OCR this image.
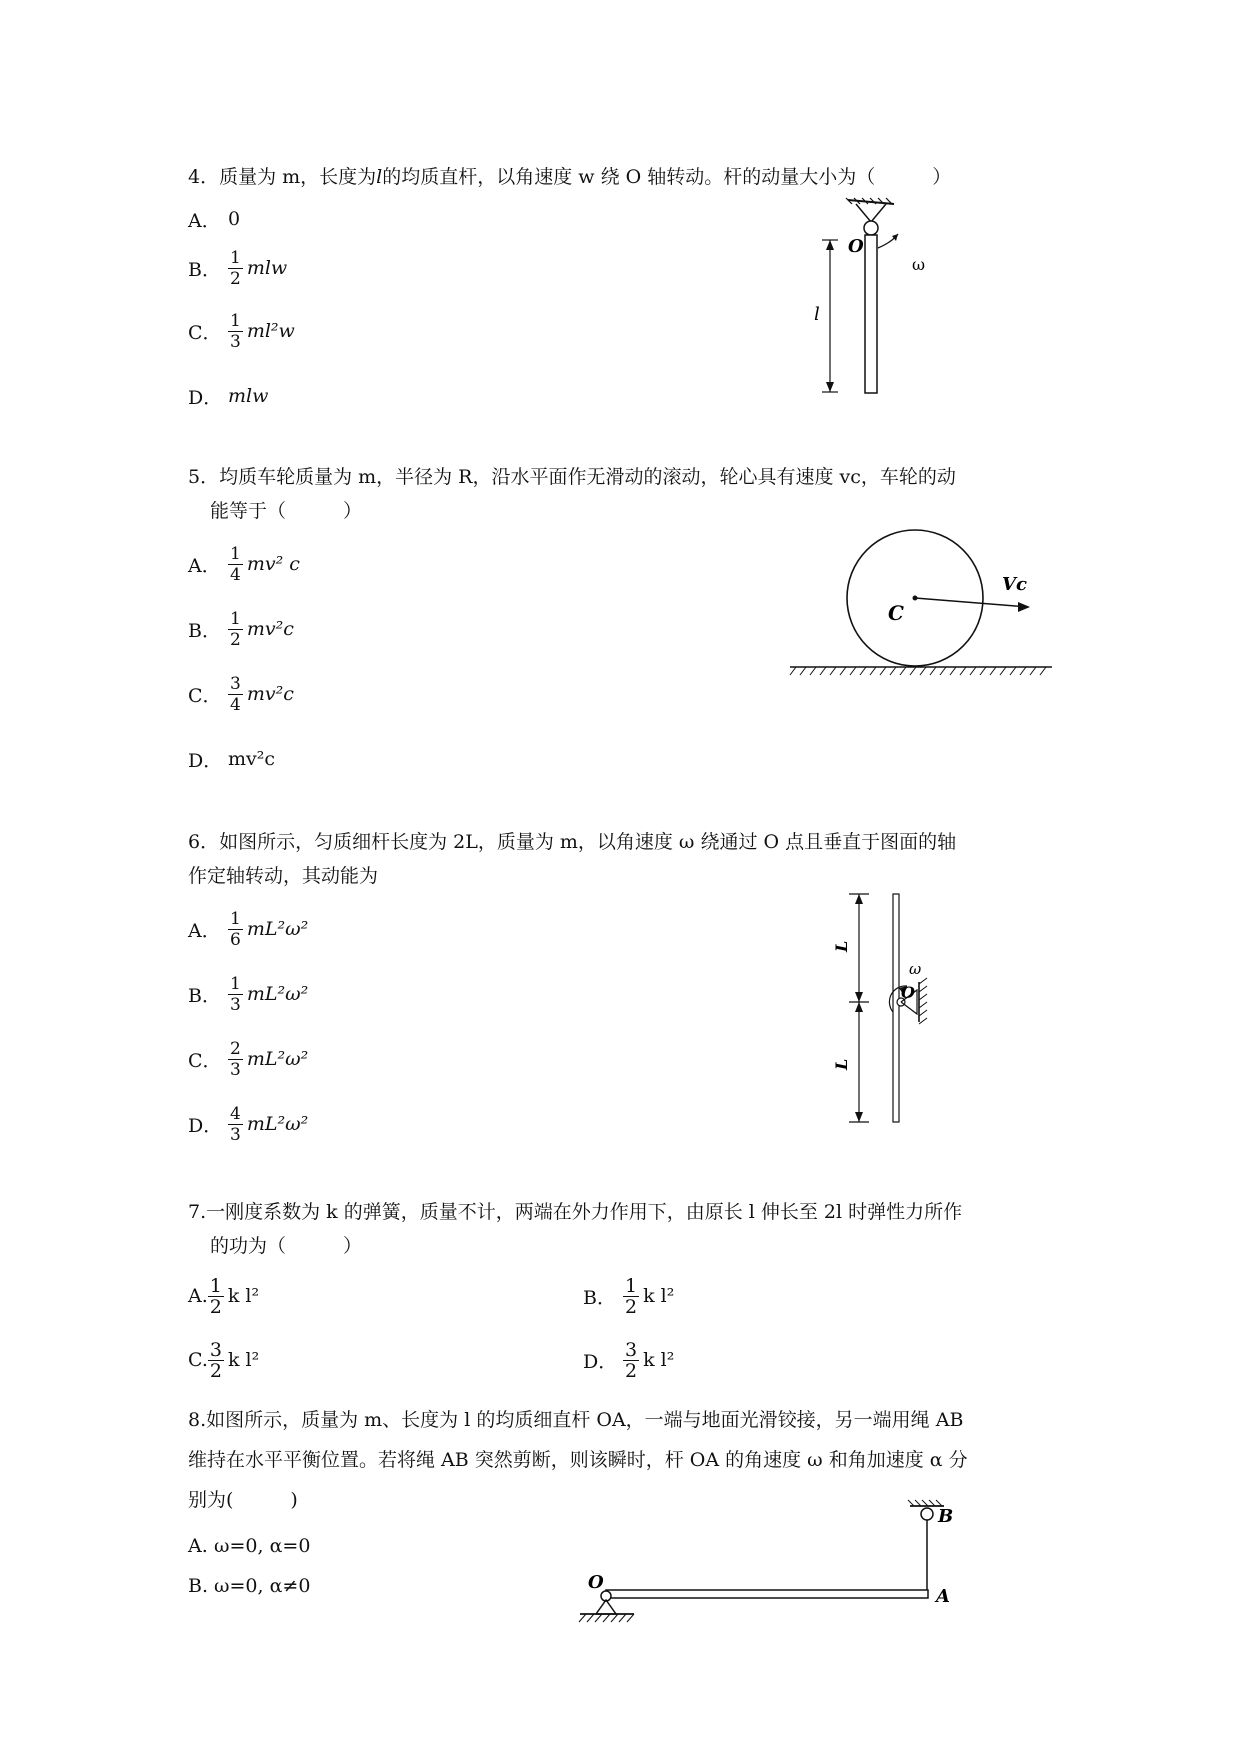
4．质量为 m，长度为l的均质直杆，以角速度 w 绕 O 轴转动。杆的动量大小为（　　　）
A． 0
B． $\frac{1}{2}$ mlw
C． $\frac{1}{3} ml^2w$
D． mlw
O
ω
l
5．均质车轮质量为 m，半径为 R，沿水平面作无滑动的滚动，轮心具有速度 vc，车轮的动
能等于（　　　）
A． $\frac{1}{4} mv^2$ c
B． $\frac{1}{2} mv^2c$
C． $\frac{3}{4} mv^2c$
D． mv²c
C
Vc
6．如图所示，匀质细杆长度为 2L，质量为 m，以角速度 ω 绕通过 O 点且垂直于图面的轴
作定轴转动，其动能为
A． $\frac{1}{6} mL^2\omega^2$
B． $\frac{1}{3} mL^2\omega^2$
C． $\frac{2}{3} mL^2\omega^2$
D． $\frac{4}{3} mL^2\omega^2$
L
L
O
ω
7.一刚度系数为 k 的弹簧，质量不计，两端在外力作用下，由原长 l 伸长至 2l 时弹性力所作
的功为（　　　）
A. $\frac{1}{2}$ k l²	B． $\frac{1}{2}$ k l²
C. $\frac{3}{2}$ k l²	D． $\frac{3}{2}$ k l²
8.如图所示，质量为 m、长度为 l 的均质细直杆 OA，一端与地面光滑铰接，另一端用绳 AB
维持在水平平衡位置。若将绳 AB 突然剪断，则该瞬时，杆 OA 的角速度 ω 和角加速度 α 分
别为(　　　)
A. ω=0, α=0
B. ω=0, α≠0	O
A
B
